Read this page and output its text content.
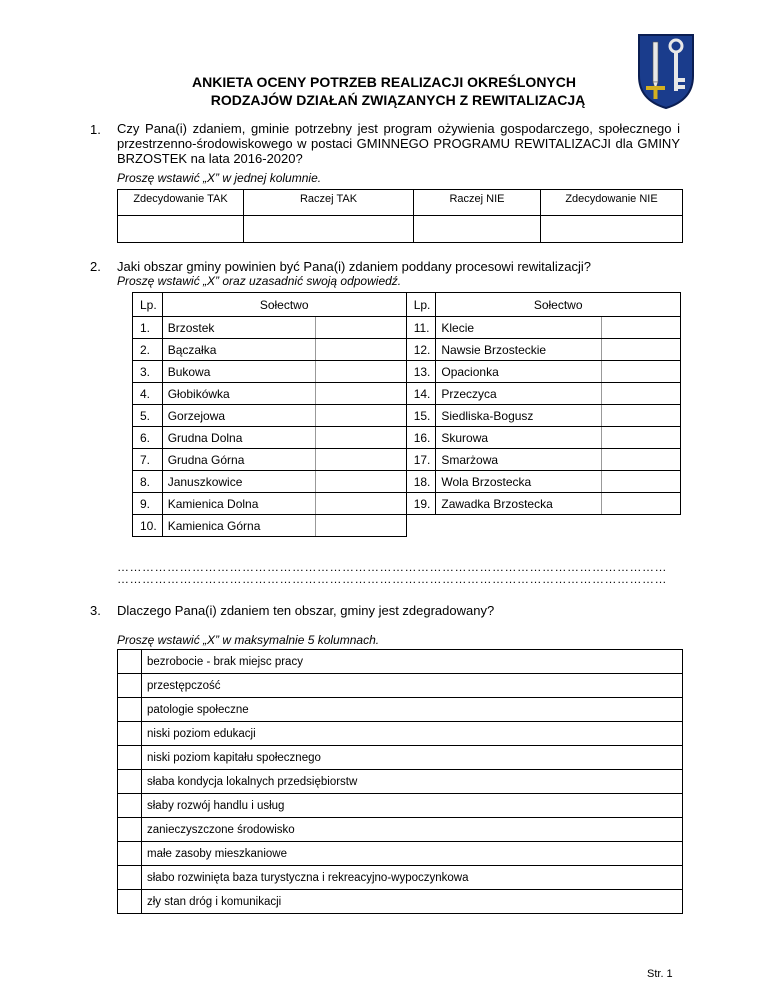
ANKIETA OCENY POTRZEB REALIZACJI OKREŚLONYCH
RODZAJÓW DZIAŁAŃ ZWIĄZANYCH Z REWITALIZACJĄ
1. Czy Pana(i) zdaniem, gminie potrzebny jest program ożywienia gospodarczego, społecznego i przestrzenno-środowiskowego w postaci GMINNEGO PROGRAMU REWITALIZACJI dla GMINY BRZOSTEK na lata 2016-2020?
Proszę wstawić „X” w jednej kolumnie.
Zdecydowanie TAK	Raczej TAK	Raczej NIE	Zdecydowanie NIE

2. Jaki obszar gminy powinien być Pana(i) zdaniem poddany procesowi rewitalizacji?
Proszę wstawić „X” oraz uzasadnić swoją odpowiedź.
Lp.	Sołectwo		Lp.	Sołectwo	
1.	Brzostek		11.	Klecie	
2.	Bączałka		12.	Nawsie Brzosteckie	
3.	Bukowa		13.	Opacionka	
4.	Głobikówka		14.	Przeczyca	
5.	Gorzejowa		15.	Siedliska-Bogusz	
6.	Grudna Dolna		16.	Skurowa	
7.	Grudna Górna		17.	Smarżowa	
8.	Januszkowice		18.	Wola Brzostecka	
9.	Kamienica Dolna		19.	Zawadka Brzostecka	
10.	Kamienica Górna				
……………………………………………………………………………………………………………………
……………………………………………………………………………………………………………………
3. Dlaczego Pana(i) zdaniem ten obszar, gminy jest zdegradowany?
Proszę wstawić „X” w maksymalnie 5 kolumnach.
	bezrobocie - brak miejsc pracy
	przestępczość
	patologie społeczne
	niski poziom edukacji
	niski poziom kapitału społecznego
	słaba kondycja lokalnych przedsiębiorstw
	słaby rozwój handlu i usług
	zanieczyszczone środowisko
	małe zasoby mieszkaniowe
	słabo rozwinięta baza turystyczna i rekreacyjno-wypoczynkowa
	zły stan dróg i komunikacji
Str. 1
